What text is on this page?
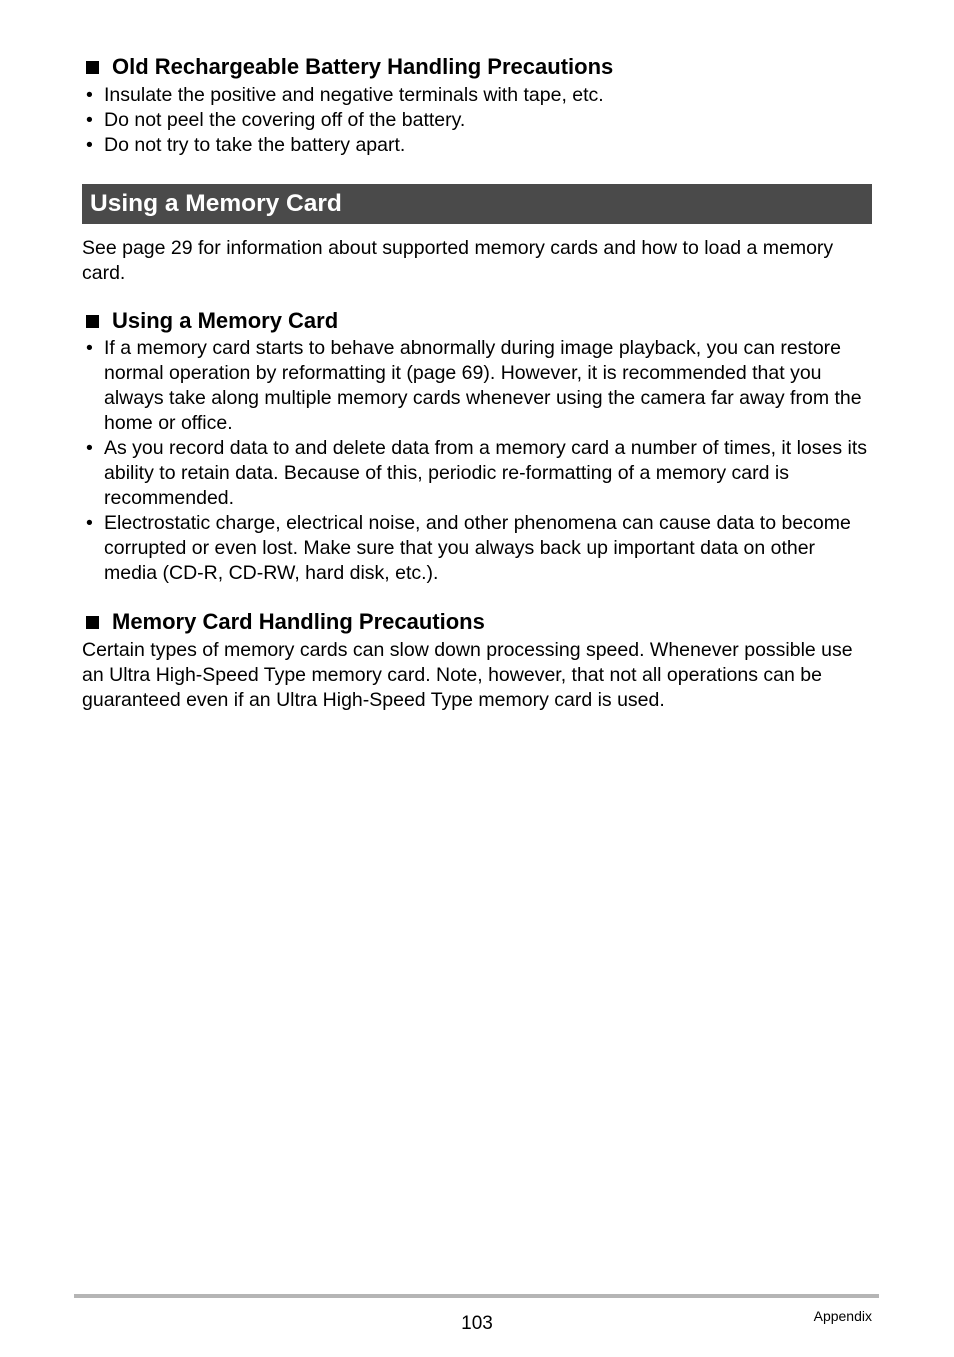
Old Rechargeable Battery Handling Precautions
• Insulate the positive and negative terminals with tape, etc.
• Do not peel the covering off of the battery.
• Do not try to take the battery apart.
Using a Memory Card

See page 29 for information about supported memory cards and how to load a memory card.

Using a Memory Card
• If a memory card starts to behave abnormally during image playback, you can restore normal operation by reformatting it (page 69). However, it is recommended that you always take along multiple memory cards whenever using the camera far away from the home or office.
• As you record data to and delete data from a memory card a number of times, it loses its ability to retain data. Because of this, periodic re-formatting of a memory card is recommended.
• Electrostatic charge, electrical noise, and other phenomena can cause data to become corrupted or even lost. Make sure that you always back up important data on other media (CD-R, CD-RW, hard disk, etc.).
Memory Card Handling Precautions

Certain types of memory cards can slow down processing speed. Whenever possible use an Ultra High-Speed Type memory card. Note, however, that not all operations can be guaranteed even if an Ultra High-Speed Type memory card is used.

103	Appendix
